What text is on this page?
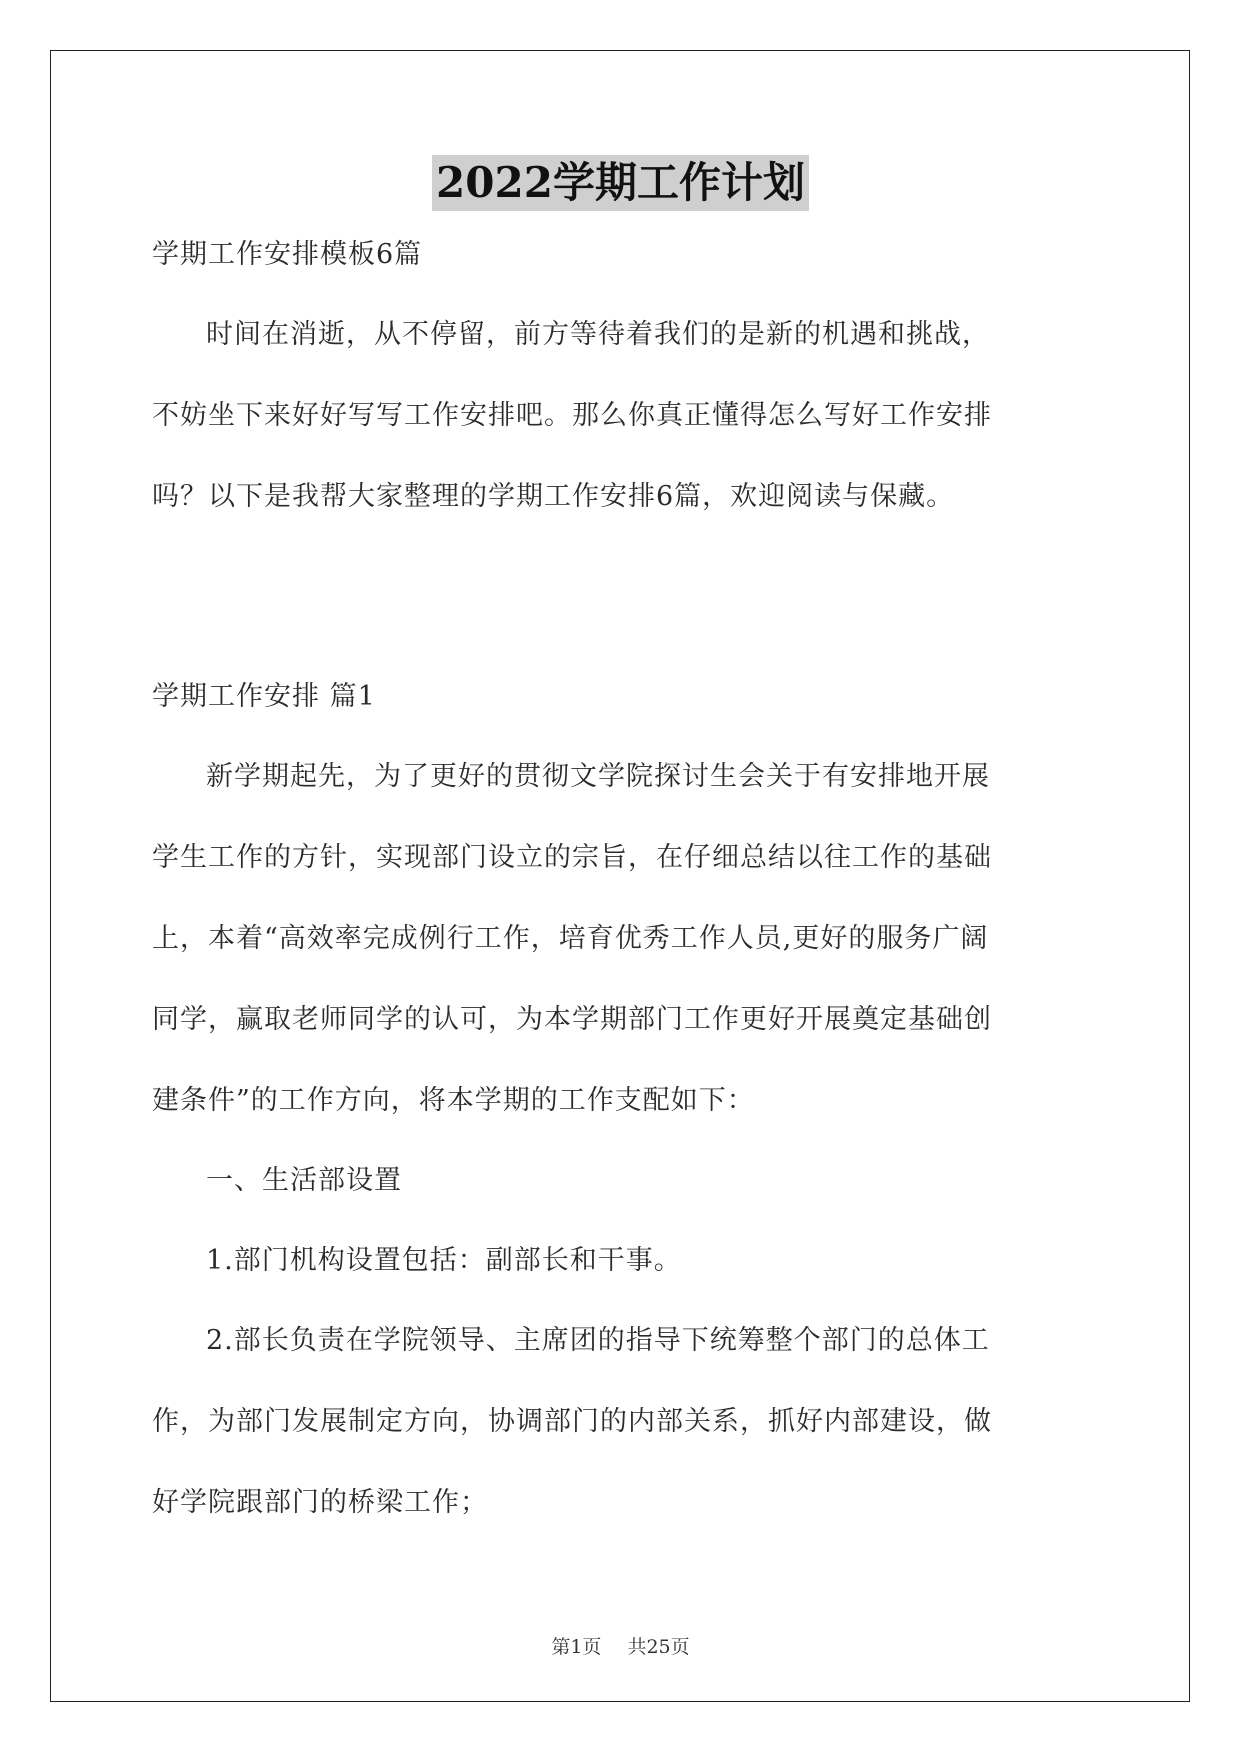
2022学期工作计划
学期工作安排模板6篇
时间在消逝，从不停留，前方等待着我们的是新的机遇和挑战，
不妨坐下来好好写写工作安排吧。那么你真正懂得怎么写好工作安排
吗？以下是我帮大家整理的学期工作安排6篇，欢迎阅读与保藏。
学期工作安排 篇1
新学期起先，为了更好的贯彻文学院探讨生会关于有安排地开展
学生工作的方针，实现部门设立的宗旨，在仔细总结以往工作的基础
上，本着“高效率完成例行工作，培育优秀工作人员,更好的服务广阔
同学，赢取老师同学的认可，为本学期部门工作更好开展奠定基础创
建条件”的工作方向，将本学期的工作支配如下：
一、生活部设置
1.部门机构设置包括：副部长和干事。
2.部长负责在学院领导、主席团的指导下统筹整个部门的总体工
作，为部门发展制定方向，协调部门的内部关系，抓好内部建设，做
好学院跟部门的桥梁工作；
第1页 共25页
